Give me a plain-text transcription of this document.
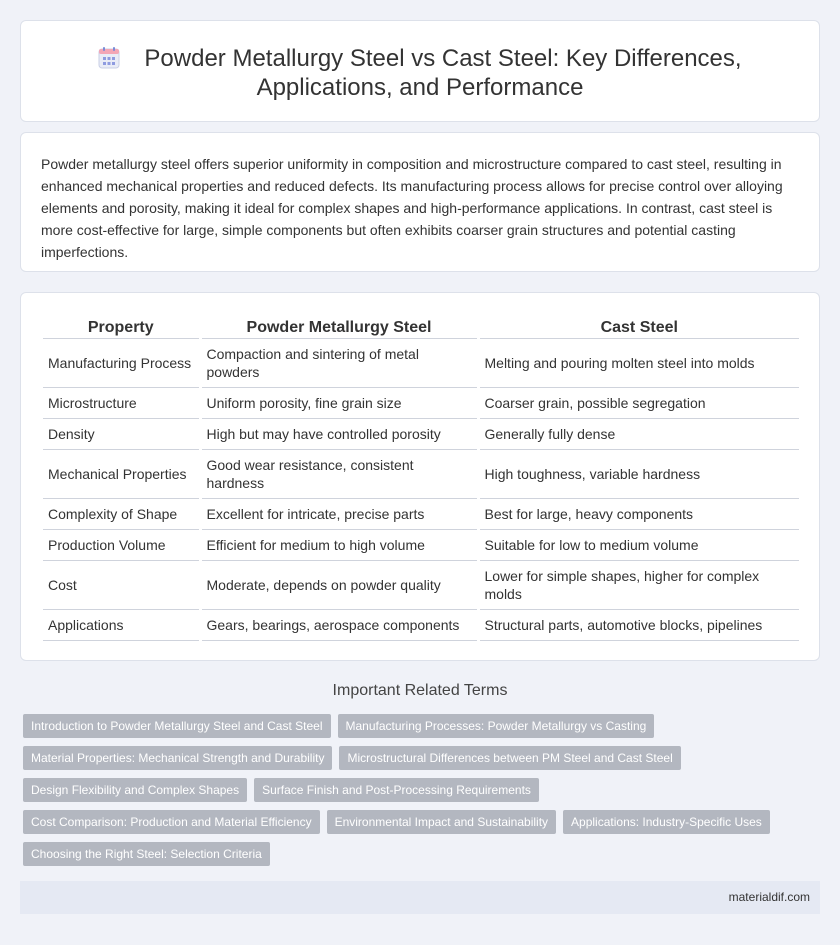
Powder Metallurgy Steel vs Cast Steel: Key Differences,
Applications, and Performance

Powder metallurgy steel offers superior uniformity in composition and microstructure compared to cast steel, resulting in enhanced mechanical properties and reduced defects. Its manufacturing process allows for precise control over alloying elements and porosity, making it ideal for complex shapes and high-performance applications. In contrast, cast steel is more cost-effective for large, simple components but often exhibits coarser grain structures and potential casting imperfections.

Property	Powder Metallurgy Steel	Cast Steel
Manufacturing Process	Compaction and sintering of metal powders	Melting and pouring molten steel into molds
Microstructure	Uniform porosity, fine grain size	Coarser grain, possible segregation
Density	High but may have controlled porosity	Generally fully dense
Mechanical Properties	Good wear resistance, consistent hardness	High toughness, variable hardness
Complexity of Shape	Excellent for intricate, precise parts	Best for large, heavy components
Production Volume	Efficient for medium to high volume	Suitable for low to medium volume
Cost	Moderate, depends on powder quality	Lower for simple shapes, higher for complex molds
Applications	Gears, bearings, aerospace components	Structural parts, automotive blocks, pipelines
Important Related Terms
Introduction to Powder Metallurgy Steel and Cast Steel	Manufacturing Processes: Powder Metallurgy vs Casting
Material Properties: Mechanical Strength and Durability	Microstructural Differences between PM Steel and Cast Steel
Design Flexibility and Complex Shapes	Surface Finish and Post-Processing Requirements
Cost Comparison: Production and Material Efficiency	Environmental Impact and Sustainability	Applications: Industry-Specific Uses
Choosing the Right Steel: Selection Criteria
materialdif.com
